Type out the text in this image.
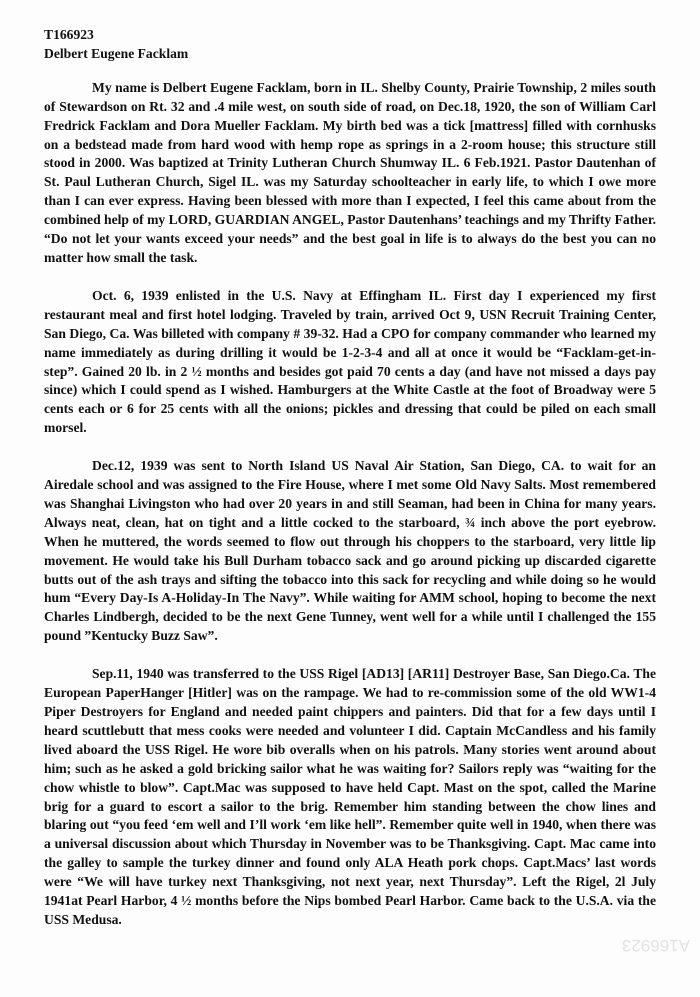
T166923

Delbert Eugene Facklam

My name is Delbert Eugene Facklam, born in IL. Shelby County, Prairie Township, 2 miles south of Stewardson on Rt. 32 and .4 mile west, on south side of road, on Dec.18, 1920, the son of William Carl Fredrick Facklam and Dora Mueller Facklam. My birth bed was a tick [mattress] filled with cornhusks on a bedstead made from hard wood with hemp rope as springs in a 2-room house; this structure still stood in 2000. Was baptized at Trinity Lutheran Church Shumway IL. 6 Feb.1921. Pastor Dautenhan of St. Paul Lutheran Church, Sigel IL. was my Saturday schoolteacher in early life, to which I owe more than I can ever express. Having been blessed with more than I expected, I feel this came about from the combined help of my LORD, GUARDIAN ANGEL, Pastor Dautenhans’ teachings and my Thrifty Father. “Do not let your wants exceed your needs” and the best goal in life is to always do the best you can no matter how small the task.

Oct. 6, 1939 enlisted in the U.S. Navy at Effingham IL. First day I experienced my first restaurant meal and first hotel lodging. Traveled by train, arrived Oct 9, USN Recruit Training Center, San Diego, Ca. Was billeted with company # 39-32. Had a CPO for company commander who learned my name immediately as during drilling it would be 1-2-3-4 and all at once it would be “Facklam-get-in-step”. Gained 20 lb. in 2 ½ months and besides got paid 70 cents a day (and have not missed a days pay since) which I could spend as I wished. Hamburgers at the White Castle at the foot of Broadway were 5 cents each or 6 for 25 cents with all the onions; pickles and dressing that could be piled on each small morsel.

Dec.12, 1939 was sent to North Island US Naval Air Station, San Diego, CA. to wait for an Airedale school and was assigned to the Fire House, where I met some Old Navy Salts. Most remembered was Shanghai Livingston who had over 20 years in and still Seaman, had been in China for many years. Always neat, clean, hat on tight and a little cocked to the starboard, ¾ inch above the port eyebrow. When he muttered, the words seemed to flow out through his choppers to the starboard, very little lip movement. He would take his Bull Durham tobacco sack and go around picking up discarded cigarette butts out of the ash trays and sifting the tobacco into this sack for recycling and while doing so he would hum “Every Day-Is A-Holiday-In The Navy”. While waiting for AMM school, hoping to become the next Charles Lindbergh, decided to be the next Gene Tunney, went well for a while until I challenged the 155 pound ”Kentucky Buzz Saw”.

Sep.11, 1940 was transferred to the USS Rigel [AD13] [AR11] Destroyer Base, San Diego.Ca. The European PaperHanger [Hitler] was on the rampage. We had to re-commission some of the old WW1-4 Piper Destroyers for England and needed paint chippers and painters. Did that for a few days until I heard scuttlebutt that mess cooks were needed and volunteer I did. Captain McCandless and his family lived aboard the USS Rigel. He wore bib overalls when on his patrols. Many stories went around about him; such as he asked a gold bricking sailor what he was waiting for? Sailors reply was “waiting for the chow whistle to blow”. Capt.Mac was supposed to have held Capt. Mast on the spot, called the Marine brig for a guard to escort a sailor to the brig. Remember him standing between the chow lines and blaring out “you feed ‘em well and I’ll work ‘em like hell”. Remember quite well in 1940, when there was a universal discussion about which Thursday in November was to be Thanksgiving. Capt. Mac came into the galley to sample the turkey dinner and found only ALA Heath pork chops. Capt.Macs’ last words were “We will have turkey next Thanksgiving, not next year, next Thursday”. Left the Rigel, 2l July 1941at Pearl Harbor, 4 ½ months before the Nips bombed Pearl Harbor. Came back to the U.S.A. via the USS Medusa.

A166923
